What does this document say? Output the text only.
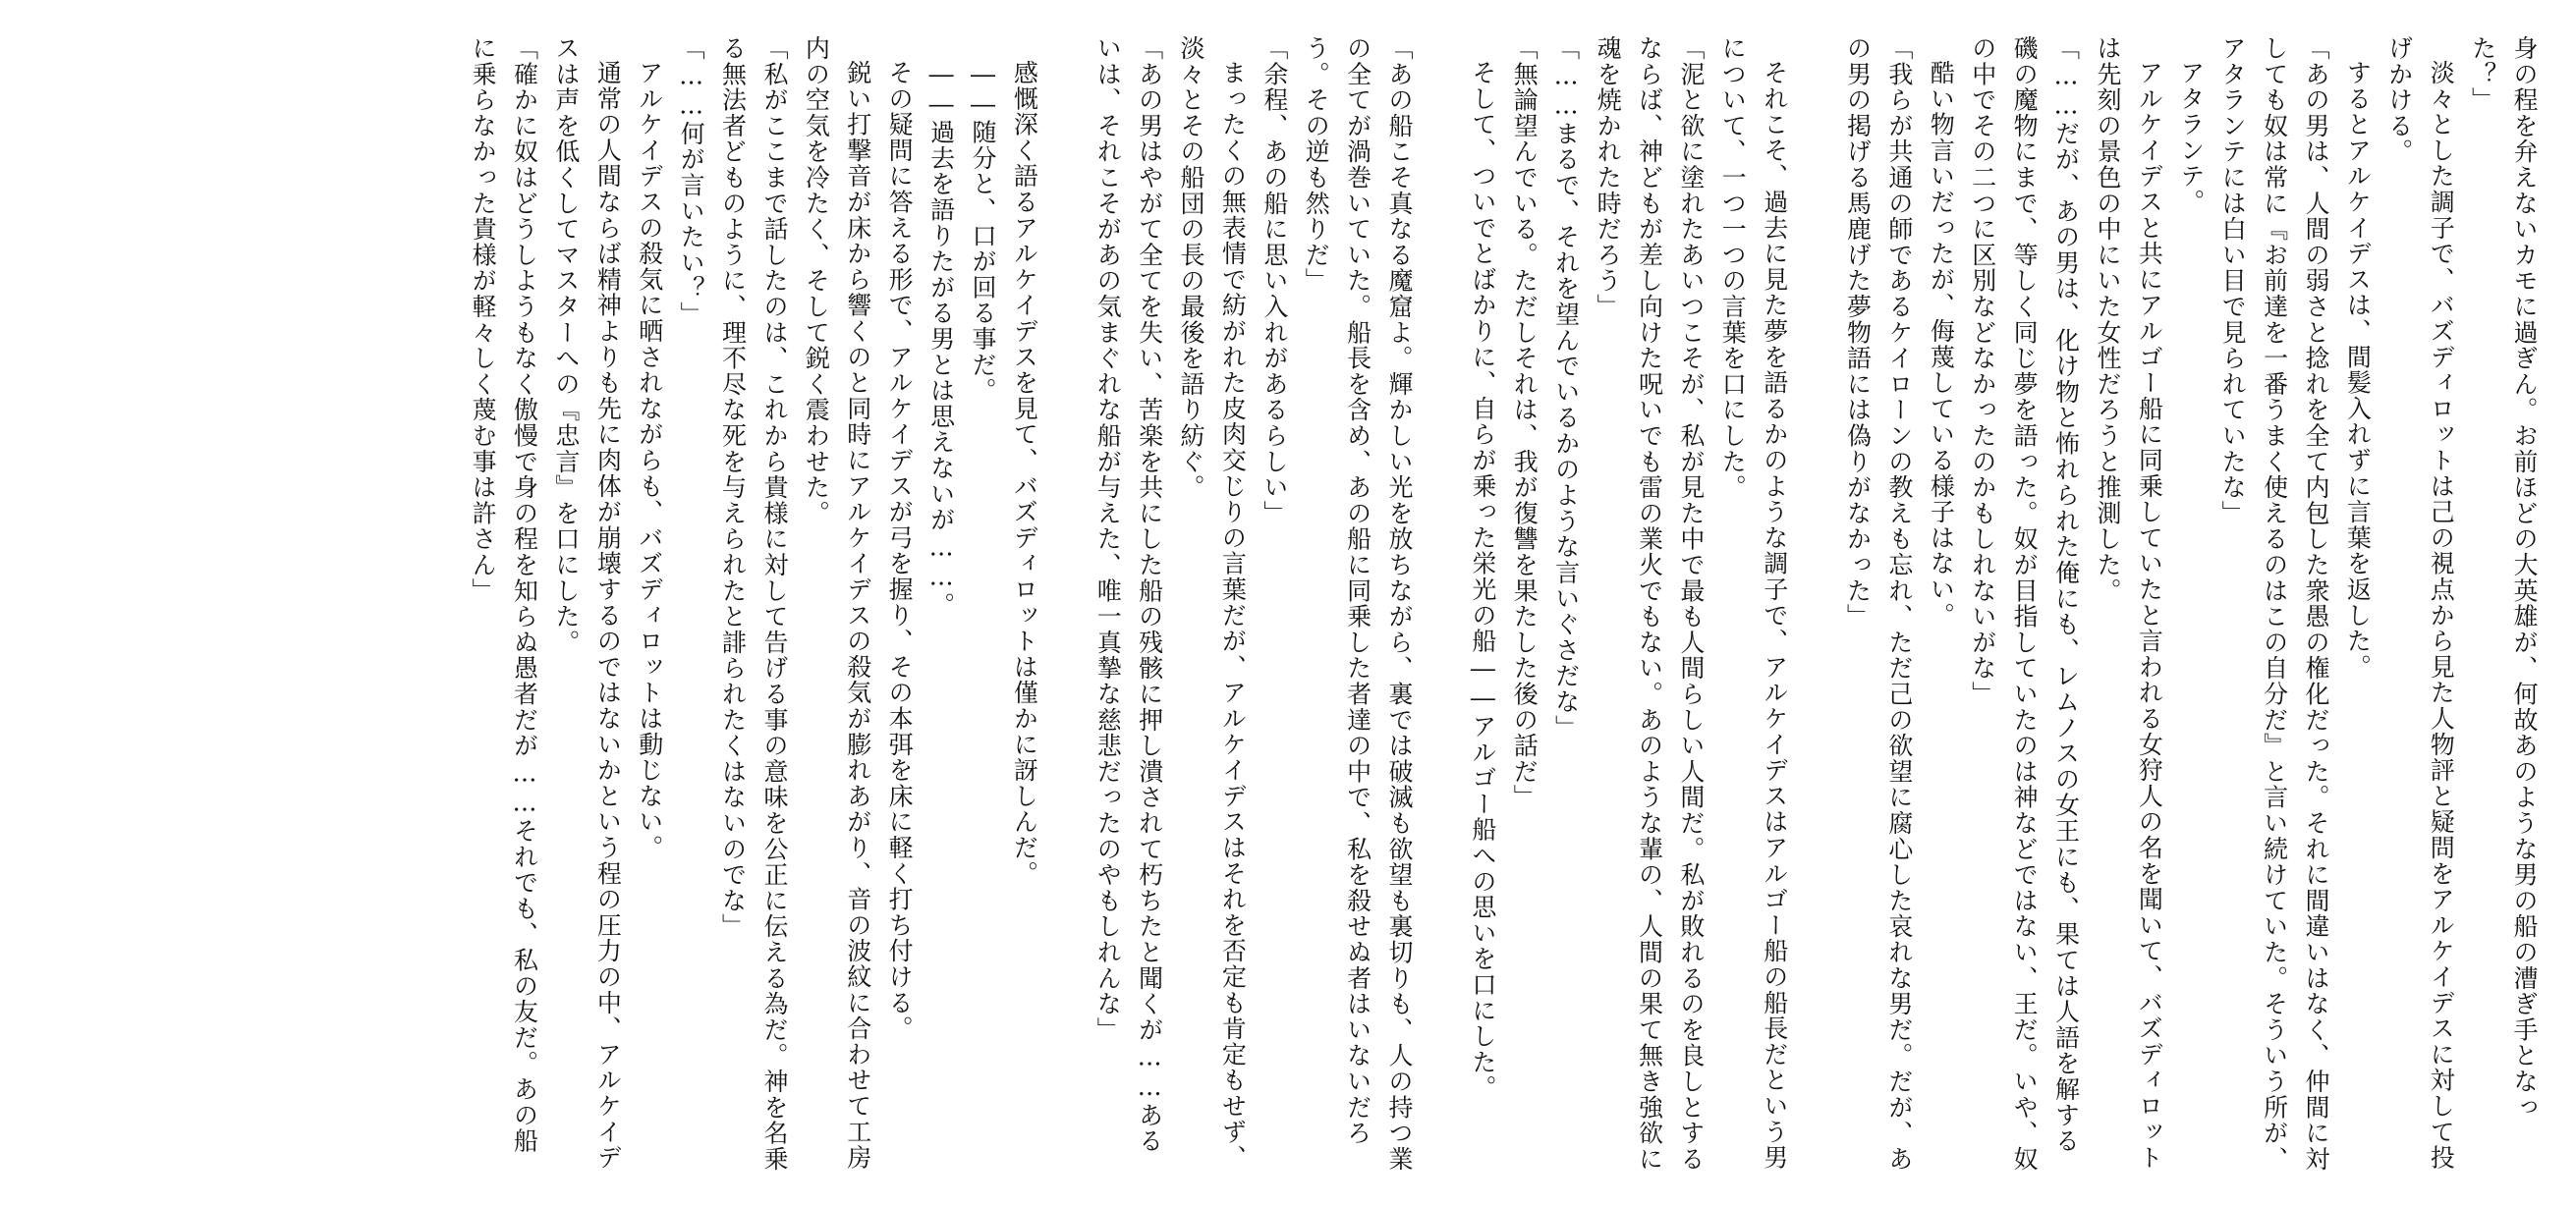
身の程を弁えないカモに過ぎん。お前ほどの大英雄が、何故あのような男の船の漕ぎ手となった？」

淡々とした調子で、バズディロットは己の視点から見た人物評と疑問をアルケイデスに対して投げかける。

するとアルケイデスは、間髪入れずに言葉を返した。

「あの男は、人間の弱さと捻れを全て内包した衆愚の権化だった。それに間違いはなく、仲間に対しても奴は常に『お前達を一番うまく使えるのはこの自分だ』と言い続けていた。そういう所が、アタランテには白い目で見られていたな」

アタランテ。

アルケイデスと共にアルゴー船に同乗していたと言われる女狩人の名を聞いて、バズディロットは先刻の景色の中にいた女性だろうと推測した。

「……だが、あの男は、化け物と怖れられた俺にも、レムノスの女王にも、果ては人語を解する磯の魔物にまで、等しく同じ夢を語った。奴が目指していたのは神などではない、王だ。いや、奴の中でその二つに区別などなかったのかもしれないがな」

酷い物言いだったが、侮蔑している様子はない。

「我らが共通の師であるケイローンの教えも忘れ、ただ己の欲望に腐心した哀れな男だ。だが、あの男の掲げる馬鹿げた夢物語には偽りがなかった」

それこそ、過去に見た夢を語るかのような調子で、アルケイデスはアルゴー船の船長だという男について、一つ一つの言葉を口にした。

「泥と欲に塗れたあいつこそが、私が見た中で最も人間らしい人間だ。私が敗れるのを良しとするならば、神どもが差し向けた呪いでも雷の業火でもない。あのような輩の、人間の果て無き強欲に魂を焼かれた時だろう」

「……まるで、それを望んでいるかのような言いぐさだな」

「無論望んでいる。ただしそれは、我が復讐を果たした後の話だ」

そして、ついでとばかりに、自らが乗った栄光の船――アルゴー船への思いを口にした。

「あの船こそ真なる魔窟よ。輝かしい光を放ちながら、裏では破滅も欲望も裏切りも、人の持つ業の全てが渦巻いていた。船長を含め、あの船に同乗した者達の中で、私を殺せぬ者はいないだろう。その逆も然りだ」

「余程、あの船に思い入れがあるらしい」

まったくの無表情で紡がれた皮肉交じりの言葉だが、アルケイデスはそれを否定も肯定もせず、淡々とその船団の長の最後を語り紡ぐ。

「あの男はやがて全てを失い、苦楽を共にした船の残骸に押し潰されて朽ちたと聞くが……あるいは、それこそがあの気まぐれな船が与えた、唯一真摯な慈悲だったのやもしれんな」

感慨深く語るアルケイデスを見て、バズディロットは僅かに訝しんだ。

――随分と、口が回る事だ。

――過去を語りたがる男とは思えないが……。

その疑問に答える形で、アルケイデスが弓を握り、その本弭を床に軽く打ち付ける。

鋭い打撃音が床から響くのと同時にアルケイデスの殺気が膨れあがり、音の波紋に合わせて工房内の空気を冷たく、そして鋭く震わせた。

「私がここまで話したのは、これから貴様に対して告げる事の意味を公正に伝える為だ。神を名乗る無法者どものように、理不尽な死を与えられたと誹られたくはないのでな」

「……何が言いたい？」

アルケイデスの殺気に晒されながらも、バズディロットは動じない。

通常の人間ならば精神よりも先に肉体が崩壊するのではないかという程の圧力の中、アルケイデスは声を低くしてマスターへの『忠言』を口にした。

「確かに奴はどうしようもなく傲慢で身の程を知らぬ愚者だが……それでも、私の友だ。あの船に乗らなかった貴様が軽々しく蔑む事は許さん」
